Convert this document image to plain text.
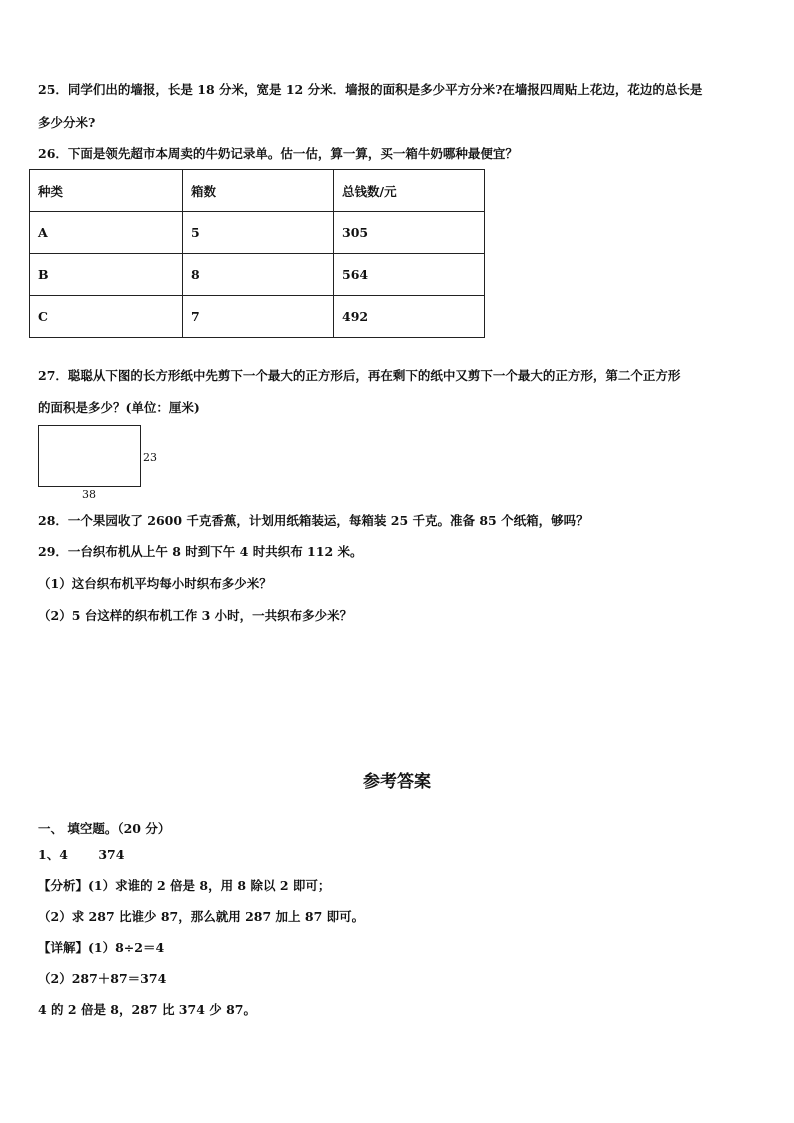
25．同学们出的墙报，长是 18 分米，宽是 12 分米．墙报的面积是多少平方分米?在墙报四周贴上花边，花边的总长是
多少分米?
26．下面是领先超市本周卖的牛奶记录单。估一估，算一算，买一箱牛奶哪种最便宜？
种类	箱数	总钱数/元
A	5	305
B	8	564
C	7	492
27．聪聪从下图的长方形纸中先剪下一个最大的正方形后，再在剩下的纸中又剪下一个最大的正方形，第二个正方形
的面积是多少？(单位：厘米)
23
38
28．一个果园收了 2600 千克香蕉，计划用纸箱装运，每箱装 25 千克。准备 85 个纸箱，够吗？
29．一台织布机从上午 8 时到下午 4 时共织布 112 米。
（1）这台织布机平均每小时织布多少米？
（2）5 台这样的织布机工作 3 小时，一共织布多少米？
参考答案
一、 填空题。（20 分）
1、4       374
【分析】(1）求谁的 2 倍是 8，用 8 除以 2 即可；
（2）求 287 比谁少 87，那么就用 287 加上 87 即可。
【详解】(1）8÷2＝4
（2）287＋87＝374
4 的 2 倍是 8，287 比 374 少 87。
